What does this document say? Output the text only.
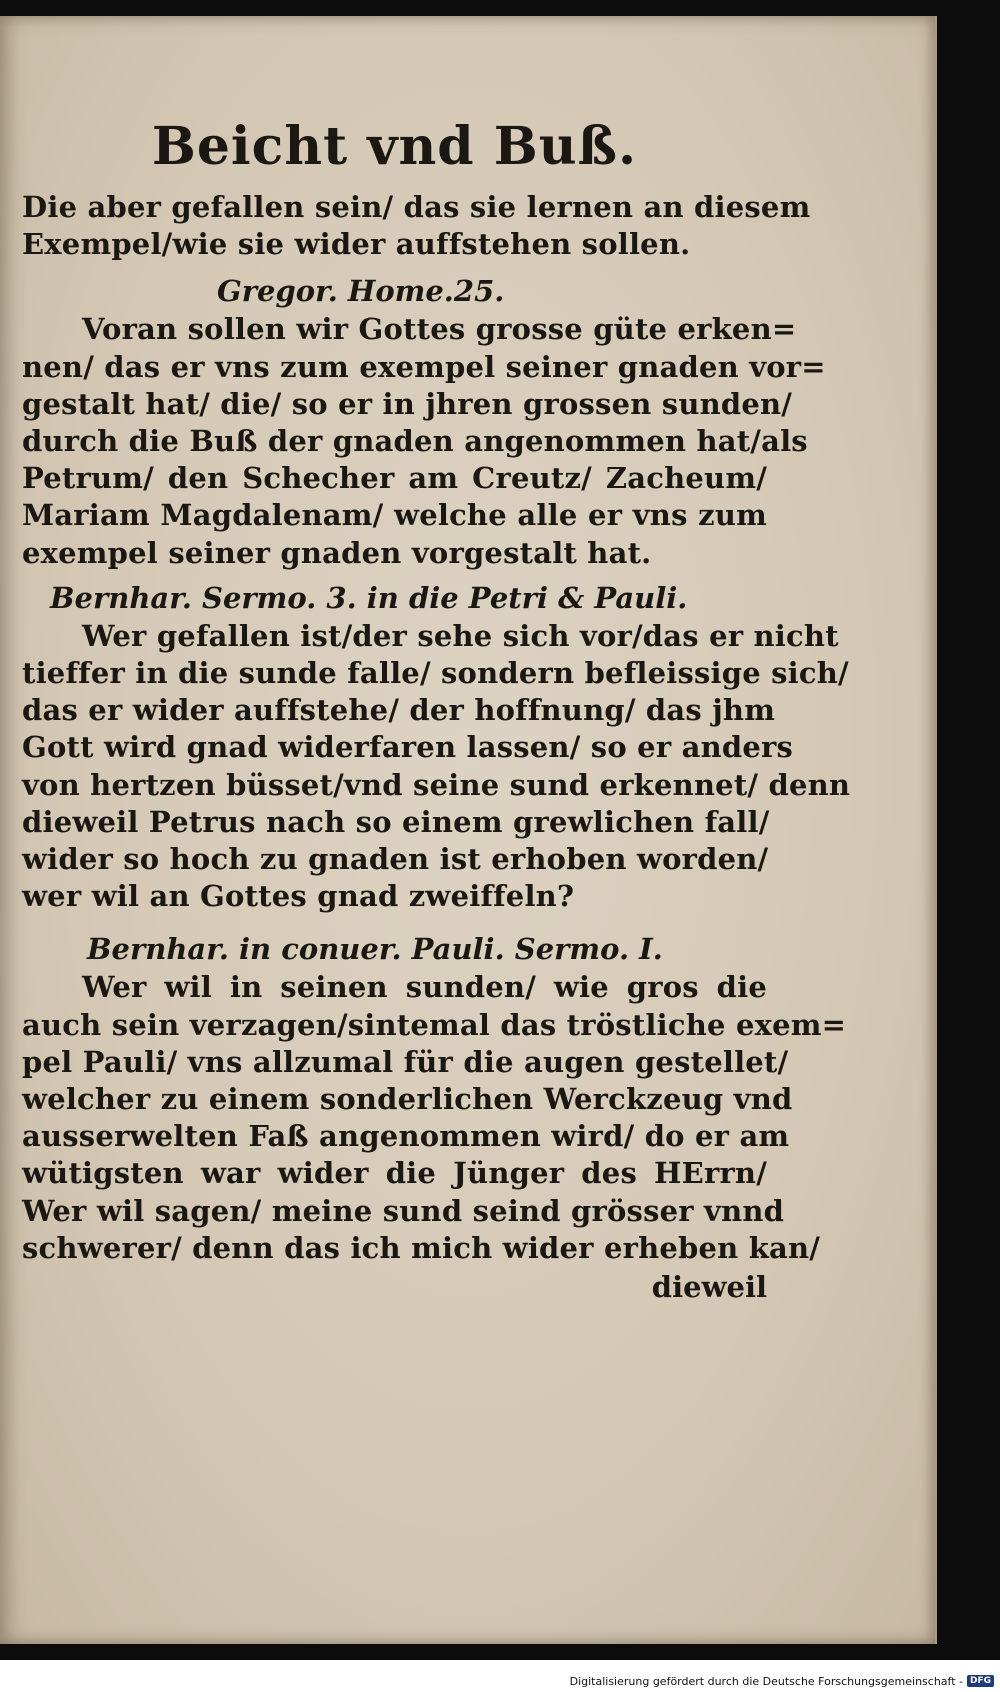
Beicht vnd Buß.
Die aber gefallen sein/ das sie lernen an diesem
Exempel/wie sie wider auffstehen sollen.
Gregor. Home.25.
Voran sollen wir Gottes grosse güte erken=
nen/ das er vns zum exempel seiner gnaden vor=
gestalt hat/ die/ so er in jhren grossen sunden/
durch die Buß der gnaden angenommen hat/als
Petrum/ den Schecher am Creutz/ Zacheum/
Mariam Magdalenam/ welche alle er vns zum
exempel seiner gnaden vorgestalt hat.
Bernhar. Sermo. 3. in die Petri & Pauli.
Wer gefallen ist/der sehe sich vor/das er nicht
tieffer in die sunde falle/ sondern befleissige sich/
das er wider auffstehe/ der hoffnung/ das jhm
Gott wird gnad widerfaren lassen/ so er anders
von hertzen büsset/vnd seine sund erkennet/ denn
dieweil Petrus nach so einem grewlichen fall/
wider so hoch zu gnaden ist erhoben worden/
wer wil an Gottes gnad zweiffeln?
Bernhar. in conuer. Pauli. Sermo. I.
Wer wil in seinen sunden/ wie gros die
auch sein verzagen/sintemal das tröstliche exem=
pel Pauli/ vns allzumal für die augen gestellet/
welcher zu einem sonderlichen Werckzeug vnd
ausserwelten Faß angenommen wird/ do er am
wütigsten war wider die Jünger des HErrn/
Wer wil sagen/ meine sund seind grösser vnnd
schwerer/ denn das ich mich wider erheben kan/
dieweil
Digitalisierung gefördert durch die Deutsche Forschungsgemeinschaft - DFG
